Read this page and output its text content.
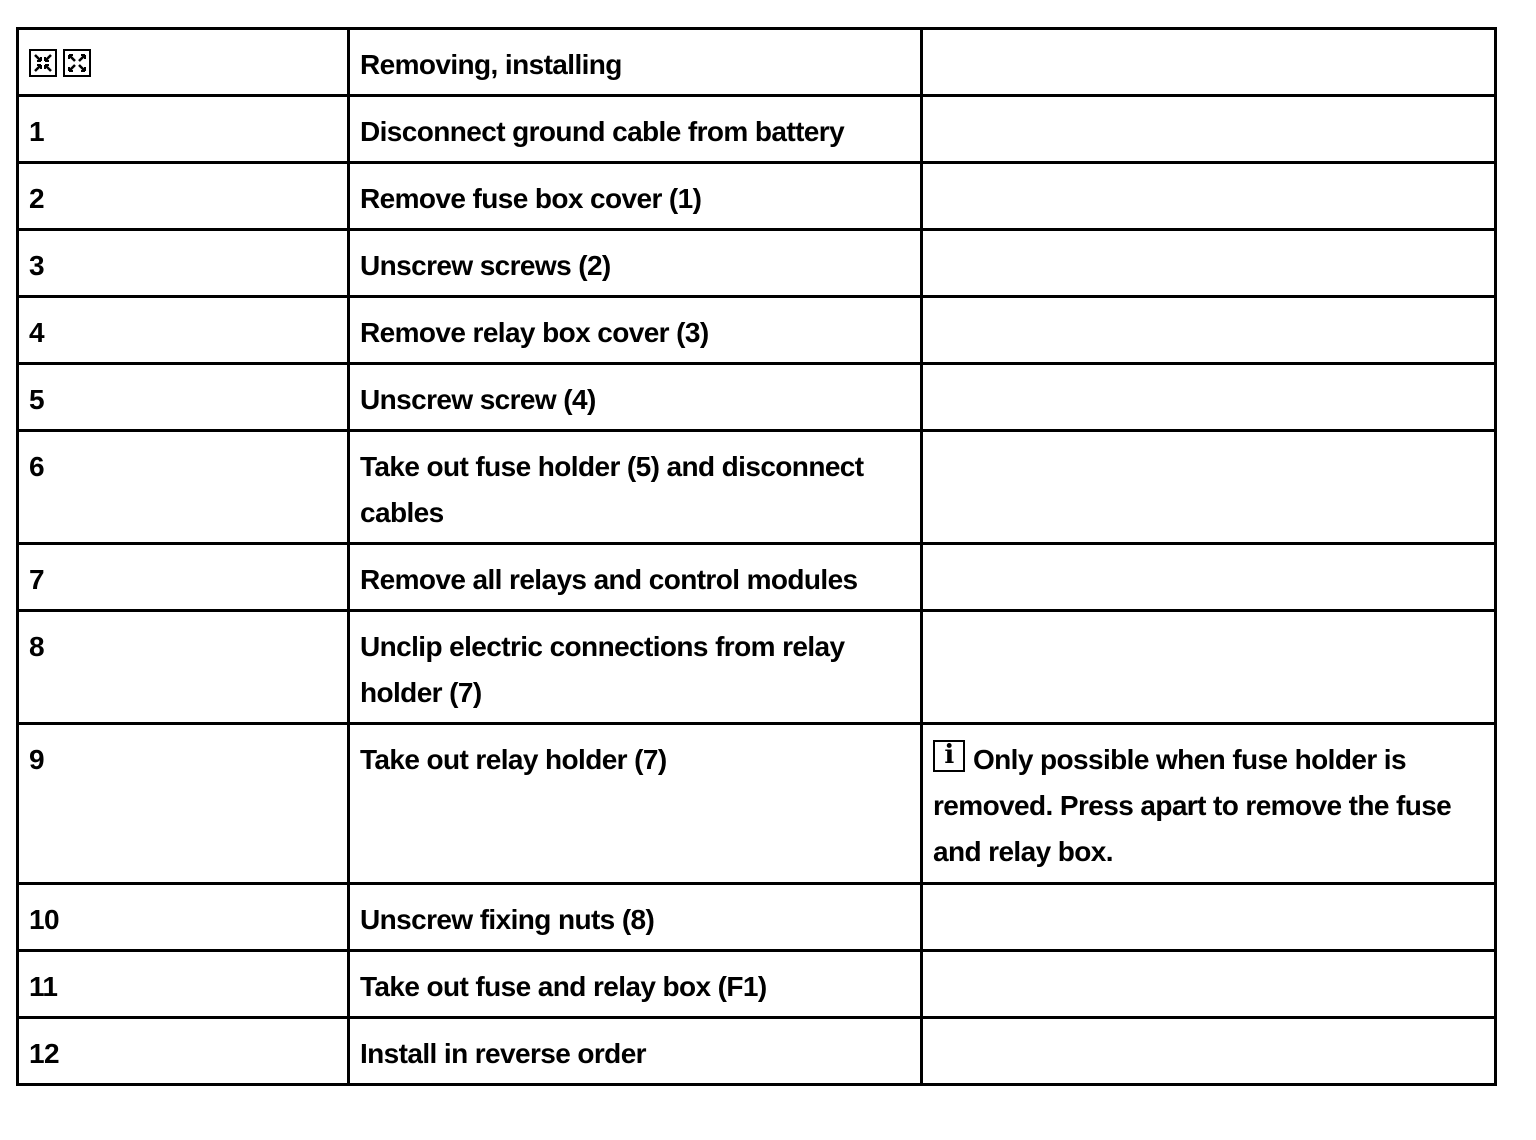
	Removing, installing	
1	Disconnect ground cable from battery	
2	Remove fuse box cover (1)	
3	Unscrew screws (2)	
4	Remove relay box cover (3)	
5	Unscrew screw (4)	
6	Take out fuse holder (5) and disconnect cables	
7	Remove all relays and control modules	
8	Unclip electric connections from relay holder (7)	
9	Take out relay holder (7)	i Only possible when fuse holder is removed. Press apart to remove the fuse and relay box.
10	Unscrew fixing nuts (8)	
11	Take out fuse and relay box (F1)	
12	Install in reverse order	
